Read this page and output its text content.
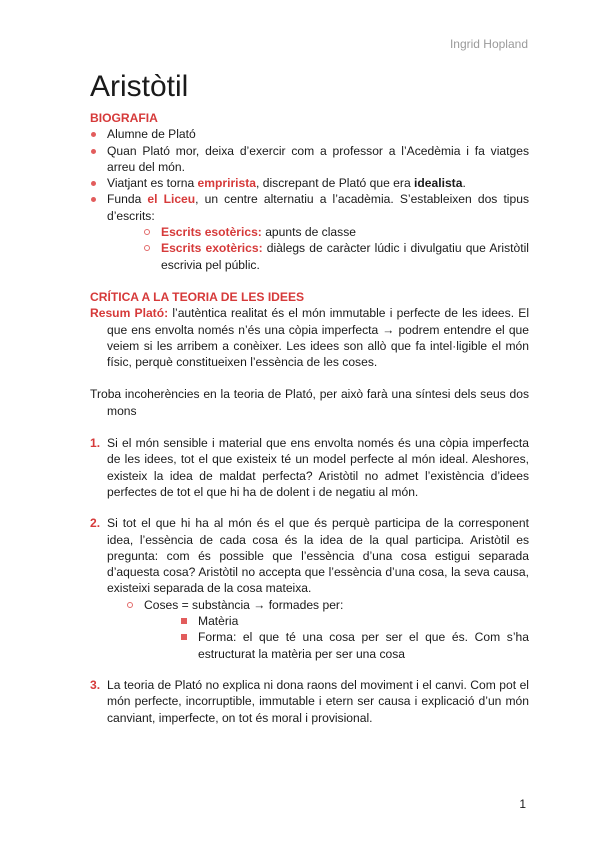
Ingrid Hopland
Aristòtil
BIOGRAFIA
Alumne de Plató
Quan Plató mor, deixa d’exercir com a professor a l’Acedèmia i fa viatges arreu del món.
Viatjant es torna emprirista, discrepant de Plató que era idealista.
Funda el Liceu, un centre alternatiu a l’acadèmia. S’estableixen dos tipus d’escrits:
Escrits esotèrics: apunts de classe
Escrits exotèrics: diàlegs de caràcter lúdic i divulgatiu que Aristòtil escrivia pel públic.
CRÍTICA A LA TEORIA DE LES IDEES

Resum Plató: l’autèntica realitat és el món immutable i perfecte de les idees. El que ens envolta només n’és una còpia imperfecta → podrem entendre el que veiem si les arribem a conèixer. Les idees son allò que fa intel·ligible el món físic, perquè constitueixen l’essència de les coses.

Troba incoherències en la teoria de Plató, per això farà una síntesi dels seus dos mons

1. Si el món sensible i material que ens envolta només és una còpia imperfecta de les idees, tot el que existeix té un model perfecte al món ideal. Aleshores, existeix la idea de maldat perfecta? Aristòtil no admet l’existència d’idees perfectes de tot el que hi ha de dolent i de negatiu al món.
2. Si tot el que hi ha al món és el que és perquè participa de la corresponent idea, l’essència de cada cosa és la idea de la qual participa. Aristòtil es pregunta: com és possible que l’essència d’una cosa estigui separada d’aquesta cosa? Aristòtil no accepta que l’essència d’una cosa, la seva causa, existeixi separada de la cosa mateixa.
Coses = substància → formades per:
Matèria
Forma: el que té una cosa per ser el que és. Com s’ha estructurat la matèria per ser una cosa
3. La teoria de Plató no explica ni dona raons del moviment i el canvi. Com pot el món perfecte, incorruptible, immutable i etern ser causa i explicació d’un món canviant, imperfecte, on tot és moral i provisional.
1
